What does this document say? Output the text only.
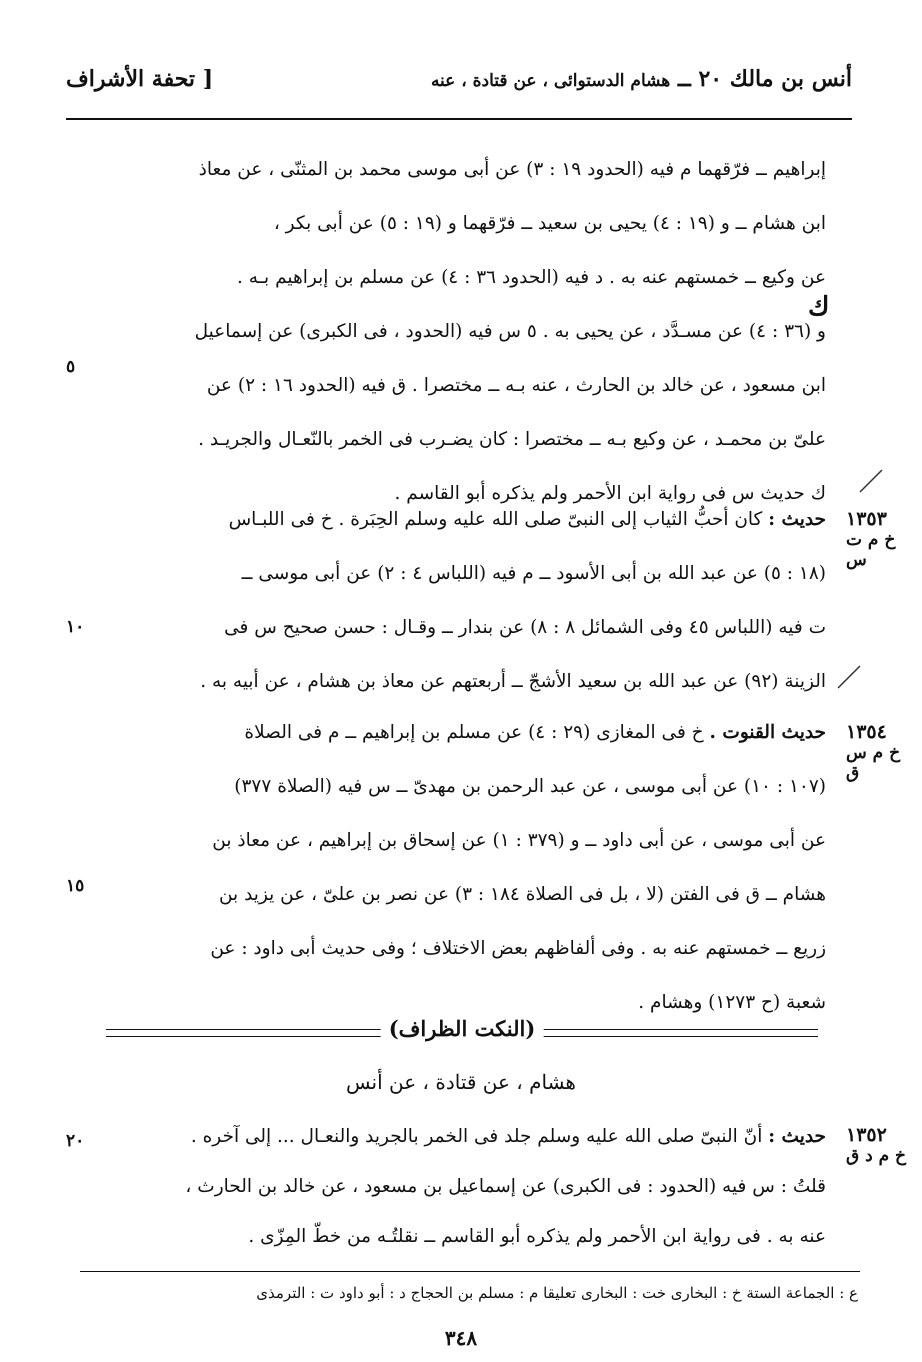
أنس بن مالك ٢٠ ــ هشام الدستوائى ، عن قتادة ، عنه
[ تحفة الأشراف

إبراهيم ــ فرّقهما م فيه (الحدود ١٩ : ٣) عن أبى موسى محمد بن المثنّى ، عن معاذ

ابن هشام ــ و (١٩ : ٤) يحيى بن سعيد ــ فرّقهما و (١٩ : ٥) عن أبى بكر ،

عن وكيع ــ خمستهم عنه به . د فيه (الحدود ٣٦ : ٤) عن مسلم بن إبراهيم بـه .

و (٣٦ : ٤) عن مسـدَّد ، عن يحيى به . ٥ س فيه (الحدود ، فى الكبرى) عن إسماعيل

ابن مسعود ، عن خالد بن الحارث ، عنه بـه ــ مختصرا . ق فيه (الحدود ١٦ : ٢) عن

علىّ بن محمـد ، عن وكيع بـه ــ مختصرا : كان يضـرب فى الخمر بالنّعـال والجريـد .

ﻙ حديث س فى رواية ابن الأحمر ولم يذكره أبو القاسم .

ﻙ
٥
١٣٥٣
خ م ت س

حديث : كان أحبُّ الثياب إلى النبىّ صلى الله عليه وسلم الحِبَرة . خ فى اللبـاس

(١٨ : ٥) عن عبد الله بن أبى الأسود ــ م فيه (اللباس ٤ : ٢) عن أبى موسى ــ

ت فيه (اللباس ٤٥ وفى الشمائل ٨ : ٨) عن بندار ــ وقـال : حسن صحيح س فى

الزينة (٩٢) عن عبد الله بن سعيد الأشجّ ــ أربعتهم عن معاذ بن هشام ، عن أبيه به .

١٠
١٣٥٤
خ م س ق

حديث القنوت . خ فى المغازى (٢٩ : ٤) عن مسلم بن إبراهيم ــ م فى الصلاة

(١٠٧ : ١٠) عن أبى موسى ، عن عبد الرحمن بن مهدىّ ــ س فيه (الصلاة ٣٧٧)

عن أبى موسى ، عن أبى داود ــ و (٣٧٩ : ١) عن إسحاق بن إبراهيم ، عن معاذ بن

هشام ــ ق فى الفتن (لا ، بل فى الصلاة ١٨٤ : ٣) عن نصر بن علىّ ، عن يزيد بن

زريع ــ خمستهم عنه به . وفى ألفاظهم بعض الاختلاف ؛ وفى حديث أبى داود : عن

شعبة (ح ١٢٧٣) وهشام .

١٥
(النكت الظراف)
هشام ، عن قتادة ، عن أنس
١٣٥٢
خ م د ق

حديث : أنّ النبىّ صلى الله عليه وسلم جلد فى الخمر بالجريد والنعـال ... إلى آخره .

قلتُ : س فيه (الحدود : فى الكبرى) عن إسماعيل بن مسعود ، عن خالد بن الحارث ،

عنه به . فى رواية ابن الأحمر ولم يذكره أبو القاسم ــ نقلتُـه من خطّ المِزّى .

٢٠
ع : الجماعة الستة خ : البخارى خت : البخارى تعليقا م : مسلم بن الحجاج د : أبو داود ت : الترمذى
٣٤٨
